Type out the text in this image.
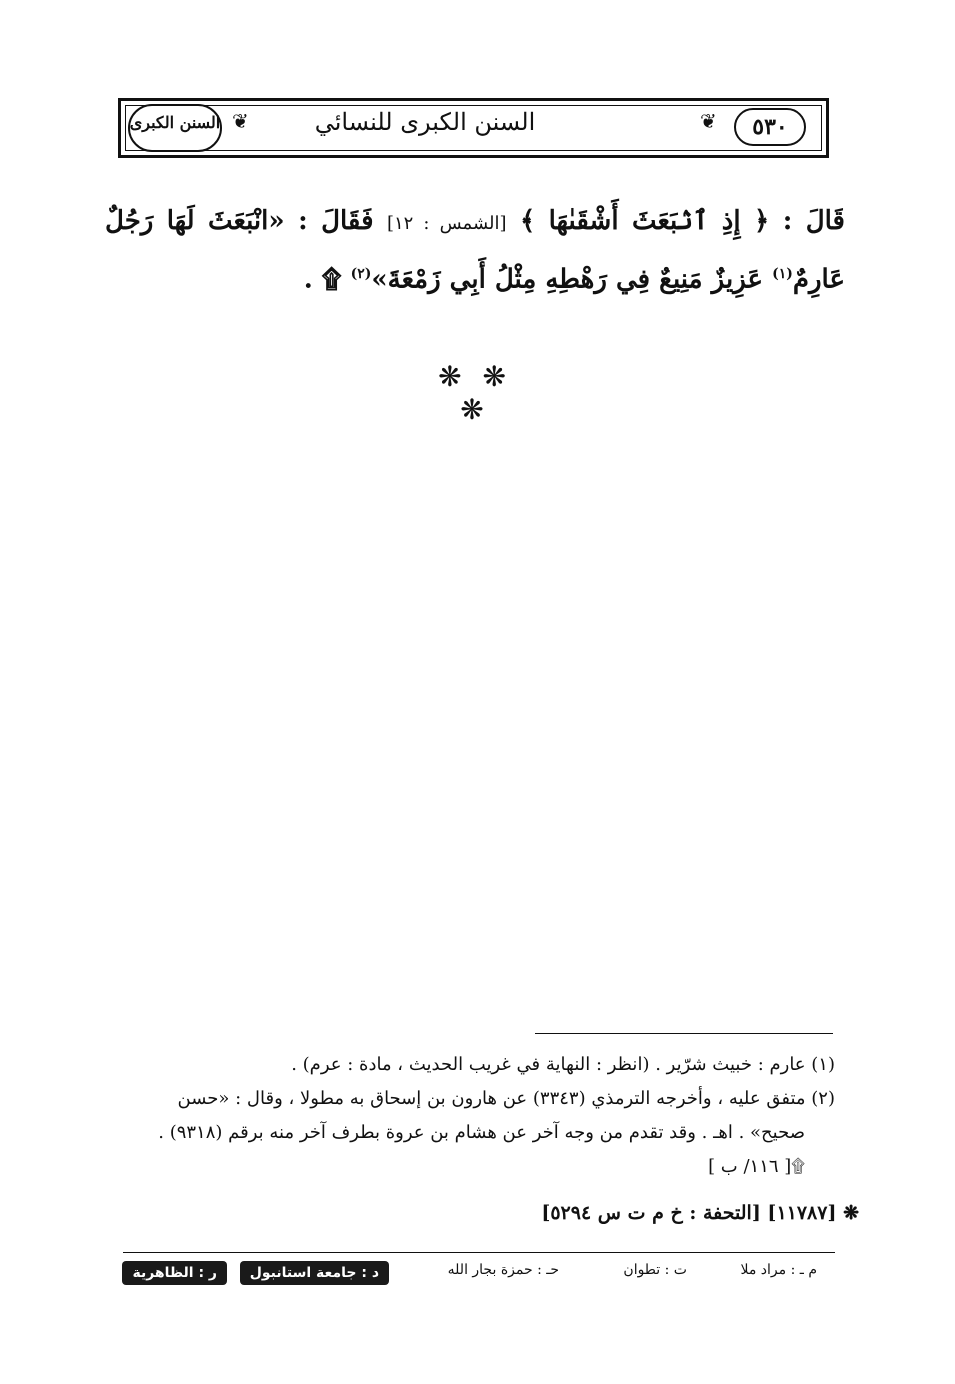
❦	❦
السنن الكبرى	السنن الكبرى للنسائي	٥٣٠
قَالَ : ﴿ إِذِ ٱنۢبَعَثَ أَشْقَىٰهَا ﴾ [الشمس : ١٢] فَقَالَ : «انْبَعَثَ لَهَا رَجُلٌ عَارِمٌ$^{(١)}$ عَزِيزٌ مَنِيعٌ فِي رَهْطِهِ مِثْلُ أَبِي زَمْعَةَ»$^{(٢)}$ ۩ .
❋ ❋ ❋

(١) عارم : خبيث شرّير . (انظر : النهاية في غريب الحديث ، مادة : عرم) .

(٢) متفق عليه ، وأخرجه الترمذي (٣٣٤٣) عن هارون بن إسحاق به مطولا ، وقال : «حسن

صحيح» . اهـ . وقد تقدم من وجه آخر عن هشام بن عروة بطرف آخر منه برقم (٩٣١٨) .

۩[ ١١٦/ ب ]

❋ [١١٧٨٧] [التحفة : خ م ت س ٥٢٩٤]
م ـ : مراد ملا
ت : تطوان
حـ : حمزة بجار الله
د : جامعة استانبول
ر : الظاهرية
